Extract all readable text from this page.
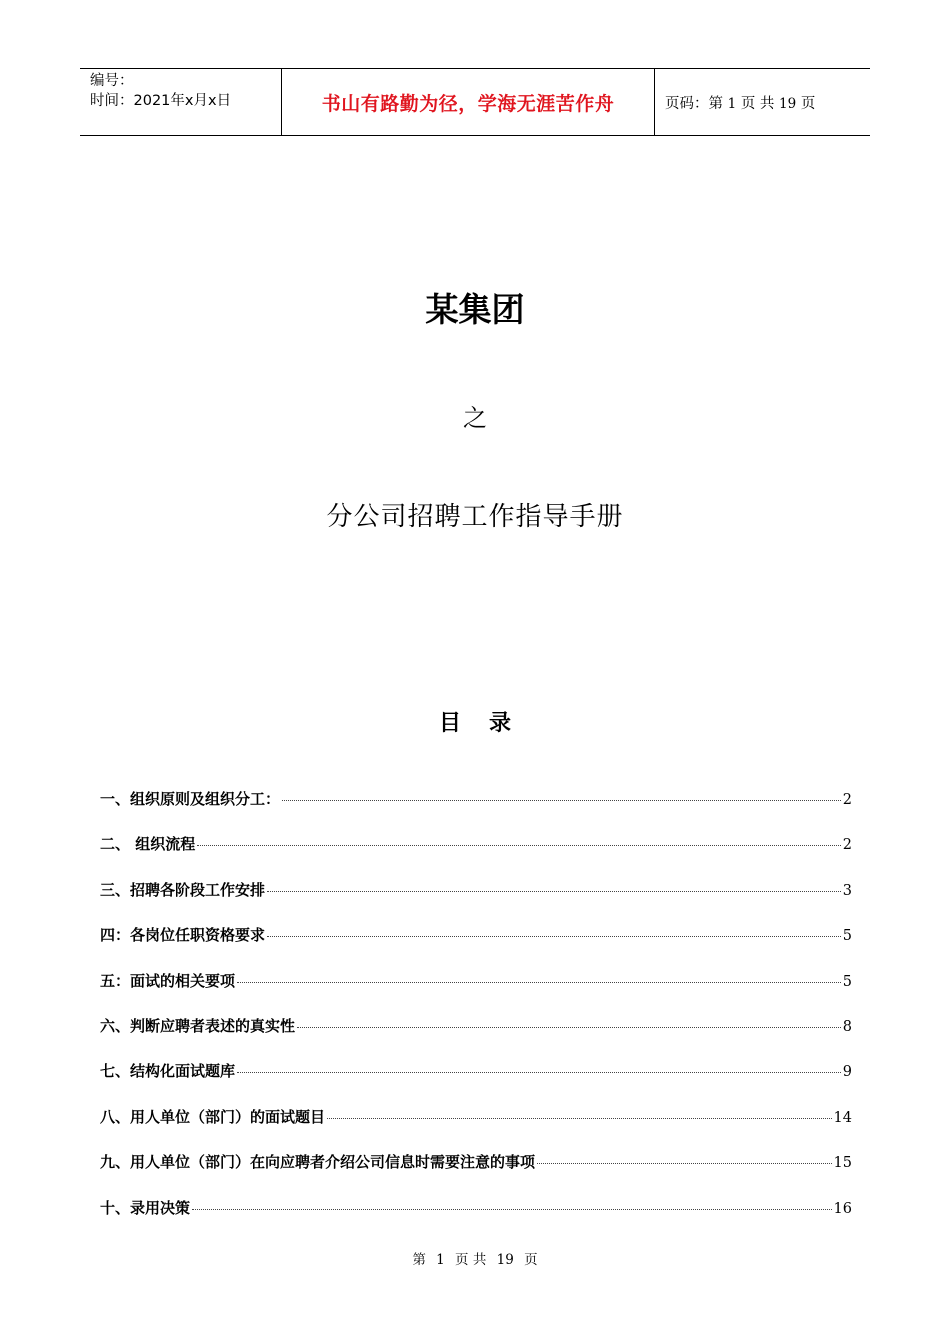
编号：
时间：2021年x月x日	书山有路勤为径，学海无涯苦作舟	页码：第 1 页 共 19 页
某集团
之
分公司招聘工作指导手册
目录
一、组织原则及组织分工：	2
二、 组织流程	2
三、招聘各阶段工作安排	3
四：各岗位任职资格要求	5
五：面试的相关要项	5
六、判断应聘者表述的真实性	8
七、结构化面试题库	9
八、用人单位（部门）的面试题目	14
九、用人单位（部门）在向应聘者介绍公司信息时需要注意的事项	15
十、录用决策	16
第 1 页 共 19 页
